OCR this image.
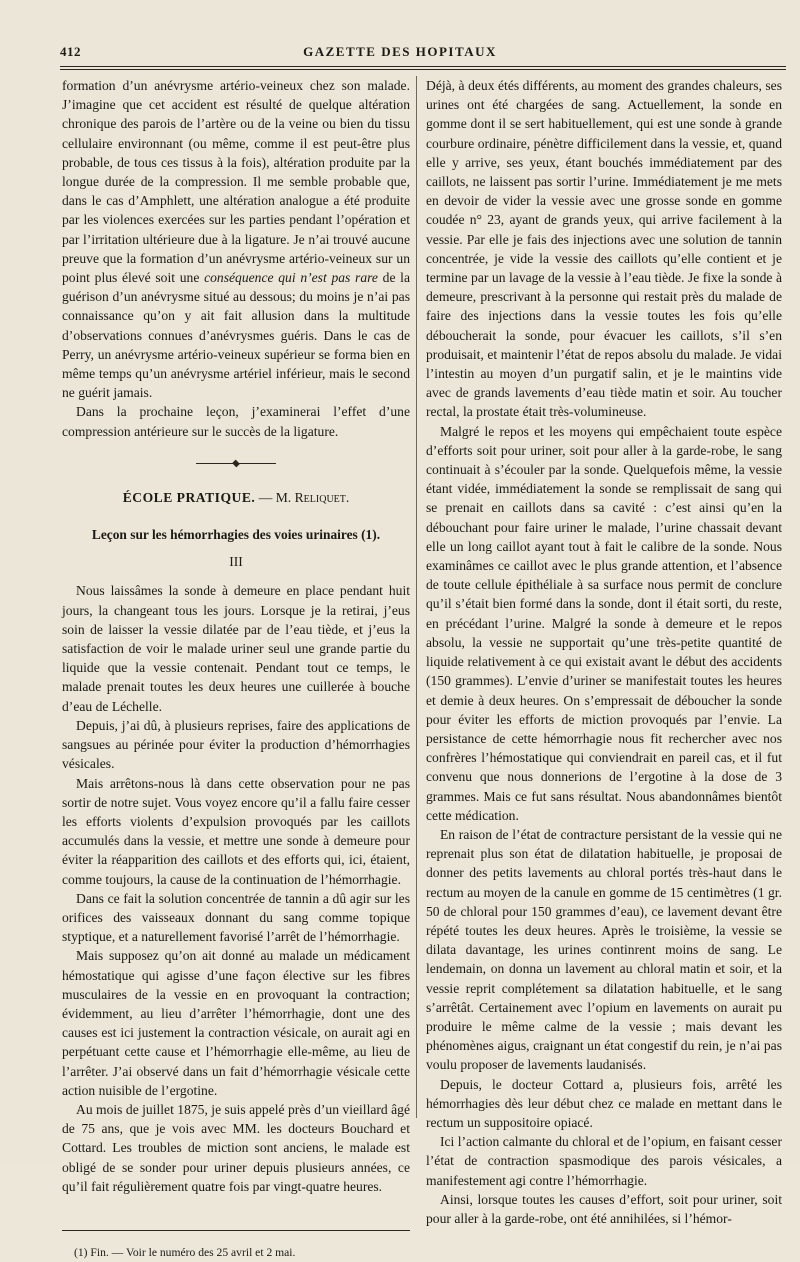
412	GAZETTE DES HOPITAUX

formation d’un anévrysme artério-veineux chez son malade. J’imagine que cet accident est résulté de quelque altération chronique des parois de l’artère ou de la veine ou bien du tissu cellulaire environnant (ou même, comme il est peut-être plus probable, de tous ces tissus à la fois), altération produite par la longue durée de la compression. Il me semble probable que, dans le cas d’Amphlett, une altération analogue a été produite par les violences exercées sur les parties pendant l’opération et par l’irritation ultérieure due à la ligature. Je n’ai trouvé aucune preuve que la formation d’un anévrysme artério-veineux sur un point plus élevé soit une conséquence qui n’est pas rare de la guérison d’un anévrysme situé au dessous; du moins je n’ai pas connaissance qu’on y ait fait allusion dans la multitude d’observations connues d’anévrysmes guéris. Dans le cas de Perry, un anévrysme artério-veineux supérieur se forma bien en même temps qu’un anévrysme artériel inférieur, mais le second ne guérit jamais.

Dans la prochaine leçon, j’examinerai l’effet d’une compression antérieure sur le succès de la ligature.

ÉCOLE PRATIQUE. — M. Reliquet.
Leçon sur les hémorrhagies des voies urinaires (1).
III

Nous laissâmes la sonde à demeure en place pendant huit jours, la changeant tous les jours. Lorsque je la retirai, j’eus soin de laisser la vessie dilatée par de l’eau tiède, et j’eus la satisfaction de voir le malade uriner seul une grande partie du liquide que la vessie contenait. Pendant tout ce temps, le malade prenait toutes les deux heures une cuillerée à bouche d’eau de Léchelle.

Depuis, j’ai dû, à plusieurs reprises, faire des applications de sangsues au périnée pour éviter la production d’hémorrhagies vésicales.

Mais arrêtons-nous là dans cette observation pour ne pas sortir de notre sujet. Vous voyez encore qu’il a fallu faire cesser les efforts violents d’expulsion provoqués par les caillots accumulés dans la vessie, et mettre une sonde à demeure pour éviter la réapparition des caillots et des efforts qui, ici, étaient, comme toujours, la cause de la continuation de l’hémorrhagie.

Dans ce fait la solution concentrée de tannin a dû agir sur les orifices des vaisseaux donnant du sang comme topique styptique, et a naturellement favorisé l’arrêt de l’hémorrhagie.

Mais supposez qu’on ait donné au malade un médicament hémostatique qui agisse d’une façon élective sur les fibres musculaires de la vessie en en provoquant la contraction; évidemment, au lieu d’arrêter l’hémorrhagie, dont une des causes est ici justement la contraction vésicale, on aurait agi en perpétuant cette cause et l’hémorrhagie elle-même, au lieu de l’arrêter. J’ai observé dans un fait d’hémorrhagie vésicale cette action nuisible de l’ergotine.

Au mois de juillet 1875, je suis appelé près d’un vieillard âgé de 75 ans, que je vois avec MM. les docteurs Bouchard et Cottard. Les troubles de miction sont anciens, le malade est obligé de se sonder pour uriner depuis plusieurs années, ce qu’il fait régulièrement quatre fois par vingt-quatre heures.

(1) Fin. — Voir le numéro des 25 avril et 2 mai.

Déjà, à deux étés différents, au moment des grandes chaleurs, ses urines ont été chargées de sang. Actuellement, la sonde en gomme dont il se sert habituellement, qui est une sonde à grande courbure ordinaire, pénètre difficilement dans la vessie, et, quand elle y arrive, ses yeux, étant bouchés immédiatement par des caillots, ne laissent pas sortir l’urine. Immédiatement je me mets en devoir de vider la vessie avec une grosse sonde en gomme coudée n° 23, ayant de grands yeux, qui arrive facilement à la vessie. Par elle je fais des injections avec une solution de tannin concentrée, je vide la vessie des caillots qu’elle contient et je termine par un lavage de la vessie à l’eau tiède. Je fixe la sonde à demeure, prescrivant à la personne qui restait près du malade de faire des injections dans la vessie toutes les fois qu’elle déboucherait la sonde, pour évacuer les caillots, s’il s’en produisait, et maintenir l’état de repos absolu du malade. Je vidai l’intestin au moyen d’un purgatif salin, et je le maintins vide avec de grands lavements d’eau tiède matin et soir. Au toucher rectal, la prostate était très-volumineuse.

Malgré le repos et les moyens qui empêchaient toute espèce d’efforts soit pour uriner, soit pour aller à la garde-robe, le sang continuait à s’écouler par la sonde. Quelquefois même, la vessie étant vidée, immédiatement la sonde se remplissait de sang qui se prenait en caillots dans sa cavité : c’est ainsi qu’en la débouchant pour faire uriner le malade, l’urine chassait devant elle un long caillot ayant tout à fait le calibre de la sonde. Nous examinâmes ce caillot avec le plus grande attention, et l’absence de toute cellule épithéliale à sa surface nous permit de conclure qu’il s’était bien formé dans la sonde, dont il était sorti, du reste, en précédant l’urine. Malgré la sonde à demeure et le repos absolu, la vessie ne supportait qu’une très-petite quantité de liquide relativement à ce qui existait avant le début des accidents (150 grammes). L’envie d’uriner se manifestait toutes les heures et demie à deux heures. On s’empressait de déboucher la sonde pour éviter les efforts de miction provoqués par l’envie. La persistance de cette hémorrhagie nous fit rechercher avec nos confrères l’hémostatique qui conviendrait en pareil cas, et il fut convenu que nous donnerions de l’ergotine à la dose de 3 grammes. Mais ce fut sans résultat. Nous abandonnâmes bientôt cette médication.

En raison de l’état de contracture persistant de la vessie qui ne reprenait plus son état de dilatation habituelle, je proposai de donner des petits lavements au chloral portés très-haut dans le rectum au moyen de la canule en gomme de 15 centimètres (1 gr. 50 de chloral pour 150 grammes d’eau), ce lavement devant être répété toutes les deux heures. Après le troisième, la vessie se dilata davantage, les urines continrent moins de sang. Le lendemain, on donna un lavement au chloral matin et soir, et la vessie reprit complétement sa dilatation habituelle, et le sang s’arrêtât. Certainement avec l’opium en lavements on aurait pu produire le même calme de la vessie ; mais devant les phénomènes aigus, craignant un état congestif du rein, je n’ai pas voulu proposer de lavements laudanisés.

Depuis, le docteur Cottard a, plusieurs fois, arrêté les hémorrhagies dès leur début chez ce malade en mettant dans le rectum un suppositoire opiacé.

Ici l’action calmante du chloral et de l’opium, en faisant cesser l’état de contraction spasmodique des parois vésicales, a manifestement agi contre l’hémorrhagie.

Ainsi, lorsque toutes les causes d’effort, soit pour uriner, soit pour aller à la garde-robe, ont été annihilées, si l’hémor-
